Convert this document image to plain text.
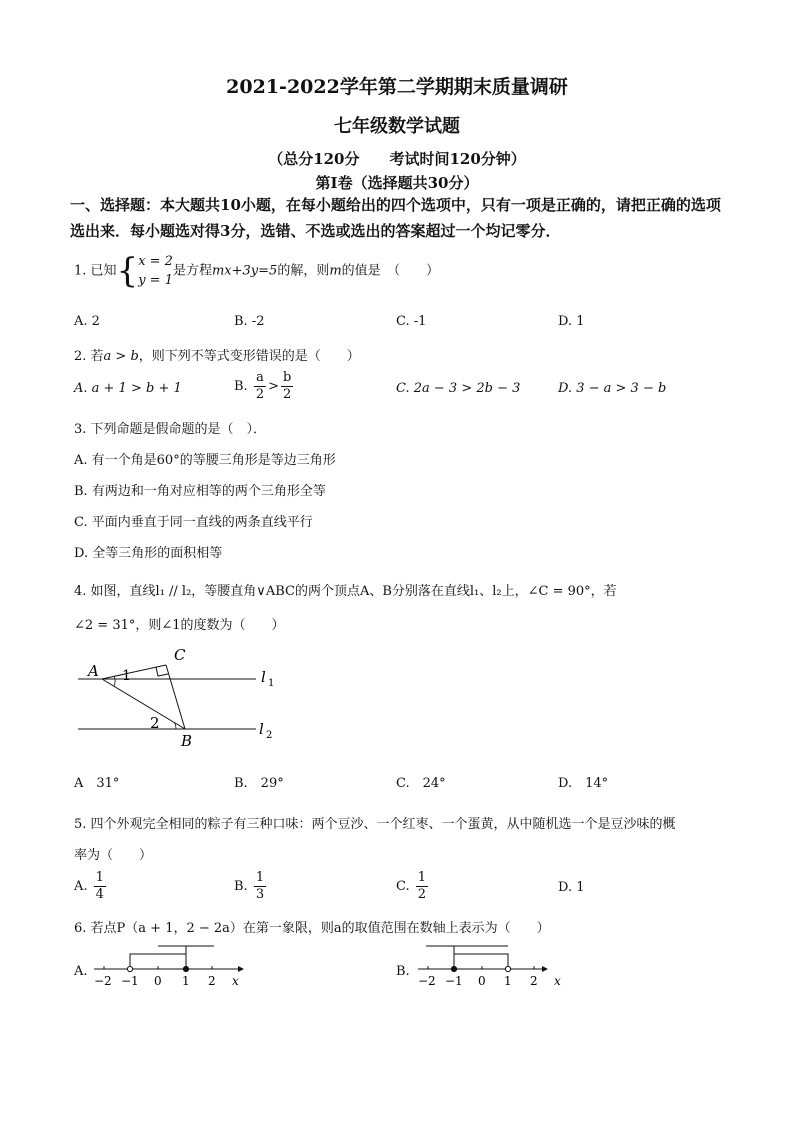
2021-2022学年第二学期期末质量调研
七年级数学试题
（总分120分　　考试时间120分钟）
第Ⅰ卷（选择题共30分）
一、选择题：本大题共10小题，在每小题给出的四个选项中，只有一项是正确的，请把正确的选项选出来．每小题选对得3分，选错、不选或选出的答案超过一个均记零分．
1. 已知{ x = 2
y = 1
是方程mx+3y=5的解，则m的值是　（　　）
A. 2	B. -2	C. -1	D. 1
2. 若a > b，则下列不等式变形错误的是（　　）
A. a + 1 > b + 1	B. $\frac{a}{2} > \frac{b}{2}$	C. 2a − 3 > 2b − 3	D. 3 − a > 3 − b
3. 下列命题是假命题的是（　）．
A. 有一个角是60°的等腰三角形是等边三角形
B. 有两边和一角对应相等的两个三角形全等
C. 平面内垂直于同一直线的两条直线平行
D. 全等三角形的面积相等
4. 如图，直线l₁ // l₂，等腰直角∨ABC的两个顶点A、B分别落在直线l₁、l₂上，∠C = 90°，若
∠2 = 31°，则∠1的度数为（　　）
A 1
C
2
B
l 1
l 2
A　31°	B.　29°	C.　24°	D.　14°
5. 四个外观完全相同的粽子有三种口味：两个豆沙、一个红枣、一个蛋黄，从中随机选一个是豆沙味的概
率为（　　）
A. $\frac{1}{4}$	B. $\frac{1}{3}$	C. $\frac{1}{2}$	D. 1
6. 若点P（a + 1，2 − 2a）在第一象限，则a的取值范围在数轴上表示为（　　）
A.
−2 −1 0 1 2 x
B.
−2 −1 0 1 2 x
